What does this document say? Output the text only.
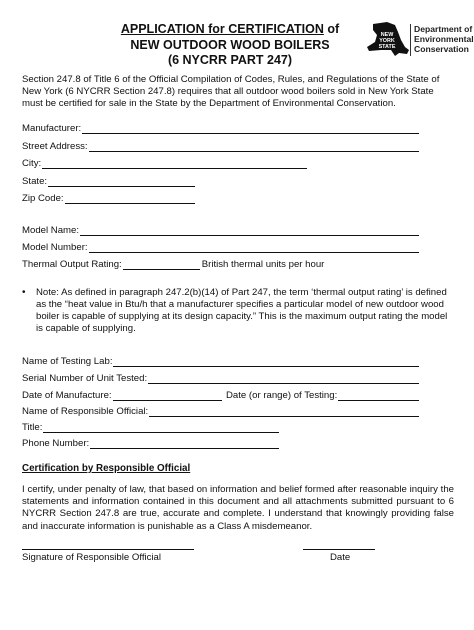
APPLICATION for CERTIFICATION of
NEW OUTDOOR WOOD BOILERS
(6 NYCRR PART 247)
NEW
YORK
STATE
Department of
Environmental
Conservation
Section 247.8 of Title 6 of the Official Compilation of Codes, Rules, and Regulations of the State of New York (6 NYCRR Section 247.8) requires that all outdoor wood boilers sold in New York State must be certified for sale in the State by the Department of Environmental Conservation.
Manufacturer:
Street Address:
City:
State:
Zip Code:
Model Name:
Model Number:
Thermal Output Rating:	British thermal units per hour
•	Note: As defined in paragraph 247.2(b)(14) of Part 247, the term ‘thermal output rating’ is defined as the “heat value in Btu/h that a manufacturer specifies a particular model of new outdoor wood boiler is capable of supplying at its design capacity.” This is the maximum output rating the model is capable of supplying.
Name of Testing Lab:
Serial Number of Unit Tested:
Date of Manufacture:	Date (or range) of Testing:
Name of Responsible Official:
Title:
Phone Number:
Certification by Responsible Official
I certify, under penalty of law, that based on information and belief formed after reasonable inquiry the statements and information contained in this document and all attachments submitted pursuant to 6 NYCRR Section 247.8 are true, accurate and complete. I understand that knowingly providing false and inaccurate information is punishable as a Class A misdemeanor.
Signature of Responsible Official	Date
